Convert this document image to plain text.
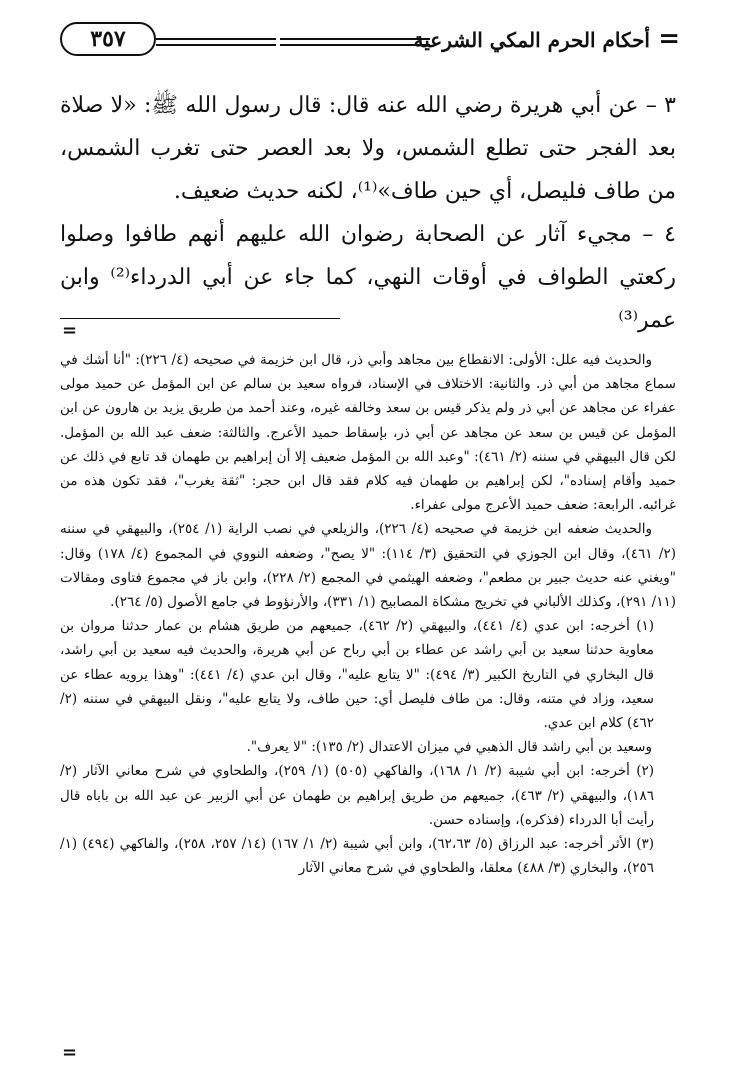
=
أحكام الحرم المكي الشرعية
٣٥٧

٣ – عن أبي هريرة رضي الله عنه قال: قال رسول الله ﷺ: «لا صلاة بعد الفجر حتى تطلع الشمس، ولا بعد العصر حتى تغرب الشمس، من طاف فليصل، أي حين طاف»⁽¹⁾، لكنه حديث ضعيف.

٤ – مجيء آثار عن الصحابة رضوان الله عليهم أنهم طافوا وصلوا ركعتي الطواف في أوقات النهي، كما جاء عن أبي الدرداء⁽²⁾ وابن عمر⁽³⁾

=

والحديث فيه علل: الأولى: الانقطاع بين مجاهد وأبي ذر، قال ابن خزيمة في صحيحه (٤/ ٢٢٦): "أنا أشك في سماع مجاهد من أبي ذر. والثانية: الاختلاف في الإسناد، فرواه سعيد بن سالم عن ابن المؤمل عن حميد مولى عفراء عن مجاهد عن أبي ذر ولم يذكر قيس بن سعد وخالفه غيره، وعند أحمد من طريق يزيد بن هارون عن ابن المؤمل عن قيس بن سعد عن مجاهد عن أبي ذر، بإسقاط حميد الأعرج. والثالثة: ضعف عبد الله بن المؤمل. لكن قال البيهقي في سننه (٢/ ٤٦١): "وعبد الله بن المؤمل ضعيف إلا أن إبراهيم بن طهمان قد تابع في ذلك عن حميد وأقام إسناده"، لكن إبراهيم بن طهمان فيه كلام فقد قال ابن حجر: "ثقة يغرب"، فقد تكون هذه من غرائبه. الرابعة: ضعف حميد الأعرج مولى عفراء.

والحديث ضعفه ابن خزيمة في صحيحه (٤/ ٢٢٦)، والزيلعي في نصب الراية (١/ ٢٥٤)، والبيهقي في سننه (٢/ ٤٦١)، وقال ابن الجوزي في التحقيق (٣/ ١١٤): "لا يصح"، وضعفه النووي في المجموع (٤/ ١٧٨) وقال: "ويغني عنه حديث جبير بن مطعم"، وضعفه الهيثمي في المجمع (٢/ ٢٢٨)، وابن باز في مجموع فتاوى ومقالات (١١/ ٢٩١)، وكذلك الألباني في تخريج مشكاة المصابيح (١/ ٣٣١)، والأرنؤوط في جامع الأصول (٥/ ٢٦٤).

(١) أخرجه: ابن عدي (٤/ ٤٤١)، والبيهقي (٢/ ٤٦٢)، جميعهم من طريق هشام بن عمار حدثنا مروان بن معاوية حدثنا سعيد بن أبي راشد عن عطاء بن أبي رباح عن أبي هريرة، والحديث فيه سعيد بن أبي راشد، قال البخاري في التاريخ الكبير (٣/ ٤٩٤): "لا يتابع عليه"، وقال ابن عدي (٤/ ٤٤١): "وهذا يرويه عطاء عن سعيد، وزاد في متنه، وقال: من طاف فليصل أي: حين طاف، ولا يتابع عليه"، ونقل البيهقي في سننه (٢/ ٤٦٢) كلام ابن عدي.

وسعيد بن أبي راشد قال الذهبي في ميزان الاعتدال (٢/ ١٣٥): "لا يعرف".

(٢) أخرجه: ابن أبي شيبة (٢/ ١/ ١٦٨)، والفاكهي (٥٠٥) (١/ ٢٥٩)، والطحاوي في شرح معاني الآثار (٢/ ١٨٦)، والبيهقي (٢/ ٤٦٣)، جميعهم من طريق إبراهيم بن طهمان عن أبي الزبير عن عبد الله بن باباه قال رأيت أبا الدرداء (فذكره)، وإسناده حسن.

(٣) الأثر أخرجه: عبد الرزاق (٥/ ٦٢،٦٣)، وابن أبي شيبة (٢/ ١/ ١٦٧) (١٤/ ٢٥٧، ٢٥٨)، والفاكهي (٤٩٤) (١/ ٢٥٦)، والبخاري (٣/ ٤٨٨) معلقا، والطحاوي في شرح معاني الآثار

=
